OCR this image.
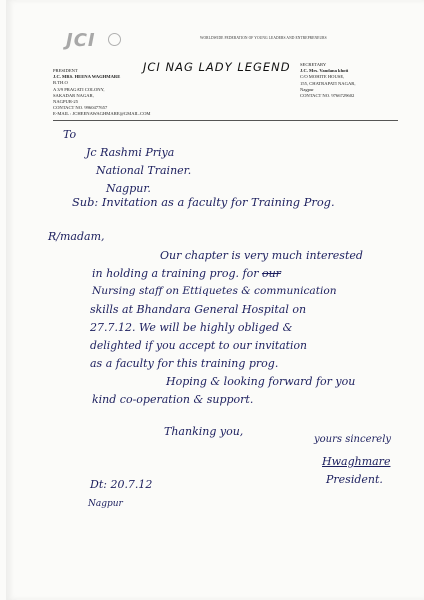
JCI	WORLDWIDE FEDERATION OF YOUNG LEADERS AND ENTREPRENEURS
JCI NAG LADY LEGEND
PRESIDENT
J.C. MRS. HEENA WAGHMARE
B.TH.O
A 3/9 PRAGATI COLONY,
SAKADAR NAGAR,
NAGPUR-25
CONTACT NO. 9960477657
E-MAIL : JCHEENAWAGHMARE@GMAIL.COM
SECRETARY
J.C. Mrs. Vandana khoti
C/O MOHITE HOUSE,
155, CHATRAPATI NAGAR,
Nagpur
CONTACT NO. 9766729602
To
Jc Rashmi Priya
National Trainer.
Nagpur.
Sub: Invitation as a faculty for Training Prog.
R/madam,
Our chapter is very much interested
in holding a training prog. for our
Nursing staff on Ettiquetes & communication
skills at Bhandara General Hospital on
27.7.12. We will be highly obliged &
delighted if you accept to our invitation
as a faculty for this training prog.
Hoping & looking forward for you
kind co-operation & support.
Thanking you,
yours sincerely
Hwaghmare
President.
Dt: 20.7.12
Nagpur
